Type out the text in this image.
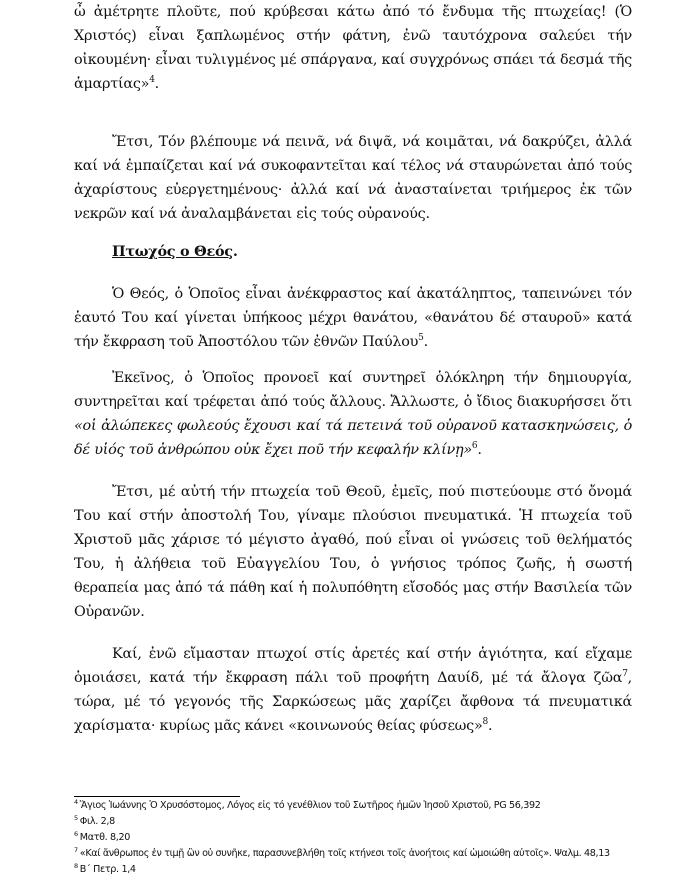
ὦ ἀμέτρητε πλοῦτε, πού κρύβεσαι κάτω ἀπό τό ἔνδυμα τῆς πτωχείας! (Ὁ Χριστός) εἶναι ξαπλωμένος στήν φάτνη, ἐνῶ ταυτόχρονα σαλεύει τήν οἰκουμένη· εἶναι τυλιγμένος μέ σπάργανα, καί συγχρόνως σπάει τά δεσμά τῆς ἁμαρτίας»$^4$.

Ἔτσι, Τόν βλέπουμε νά πεινᾶ, νά διψᾶ, νά κοιμᾶται, νά δακρύζει, ἀλλά καί νά ἐμπαίζεται καί νά συκοφαντεῖται καί τέλος νά σταυρώνεται ἀπό τούς ἀχαρίστους εὐεργετημένους· ἀλλά καί νά ἀνασταίνεται τριήμερος ἐκ τῶν νεκρῶν καί νά ἀναλαμβάνεται εἰς τούς οὐρανούς.

Πτωχός ο Θεός.

Ὁ Θεός, ὁ Ὁποῖος εἶναι ἀνέκφραστος καί ἀκατάληπτος, ταπεινώνει τόν ἑαυτό Του καί γίνεται ὑπήκοος μέχρι θανάτου, «θανάτου δέ σταυροῦ» κατά τήν ἔκφραση τοῦ Ἀποστόλου τῶν ἐθνῶν Παύλου$^5$.

Ἐκεῖνος, ὁ Ὁποῖος προνοεῖ καί συντηρεῖ ὁλόκληρη τήν δημιουργία, συντηρεῖται καί τρέφεται ἀπό τούς ἄλλους. Ἄλλωστε, ὁ ἴδιος διακυρήσσει ὅτι «οἱ ἀλώπεκες φωλεούς ἔχουσι καί τά πετεινά τοῦ οὐρανοῦ κατασκηνώσεις, ὁ δέ υἱός τοῦ ἀνθρώπου οὐκ ἔχει ποῦ τήν κεφαλήν κλίνῃ»$^6$.

Ἔτσι, μέ αὐτή τήν πτωχεία τοῦ Θεοῦ, ἐμεῖς, πού πιστεύουμε στό ὄνομά Του καί στήν ἀποστολή Του, γίναμε πλούσιοι πνευματικά. Ἡ πτωχεία τοῦ Χριστοῦ μᾶς χάρισε τό μέγιστο ἀγαθό, πού εἶναι οἱ γνώσεις τοῦ θελήματός Του, ἡ ἀλήθεια τοῦ Εὐαγγελίου Του, ὁ γνήσιος τρόπος ζωῆς, ἡ σωστή θεραπεία μας ἀπό τά πάθη καί ἡ πολυπόθητη εἴσοδός μας στήν Βασιλεία τῶν Οὐρανῶν.

Καί, ἐνῶ εἴμασταν πτωχοί στίς ἀρετές καί στήν ἁγιότητα, καί εἴχαμε ὁμοιάσει, κατά τήν ἔκφραση πάλι τοῦ προφήτη Δαυίδ, μέ τά ἄλογα ζῶα$^7$, τώρα, μέ τό γεγονός τῆς Σαρκώσεως μᾶς χαρίζει ἄφθονα τά πνευματικά χαρίσματα· κυρίως μᾶς κάνει «κοινωνούς θείας φύσεως»$^8$.

$^4$ Ἅγιος Ἰωάννης Ὁ Χρυσόστομος, Λόγος εἰς τό γενέθλιον τοῦ Σωτῆρος ἡμῶν Ἰησοῦ Χριστοῦ, PG 56,392
$^5$ Φιλ. 2,8
$^6$ Ματθ. 8,20
$^7$ «Καί ἄνθρωπος ἐν τιμῇ ὢν οὐ συνῆκε, παρασυνεβλήθη τοῖς κτήνεσι τοῖς ἀνοήτοις καί ὡμοιώθη αὐτοῖς». Ψαλμ. 48,13
$^8$ Β΄ Πετρ. 1,4
